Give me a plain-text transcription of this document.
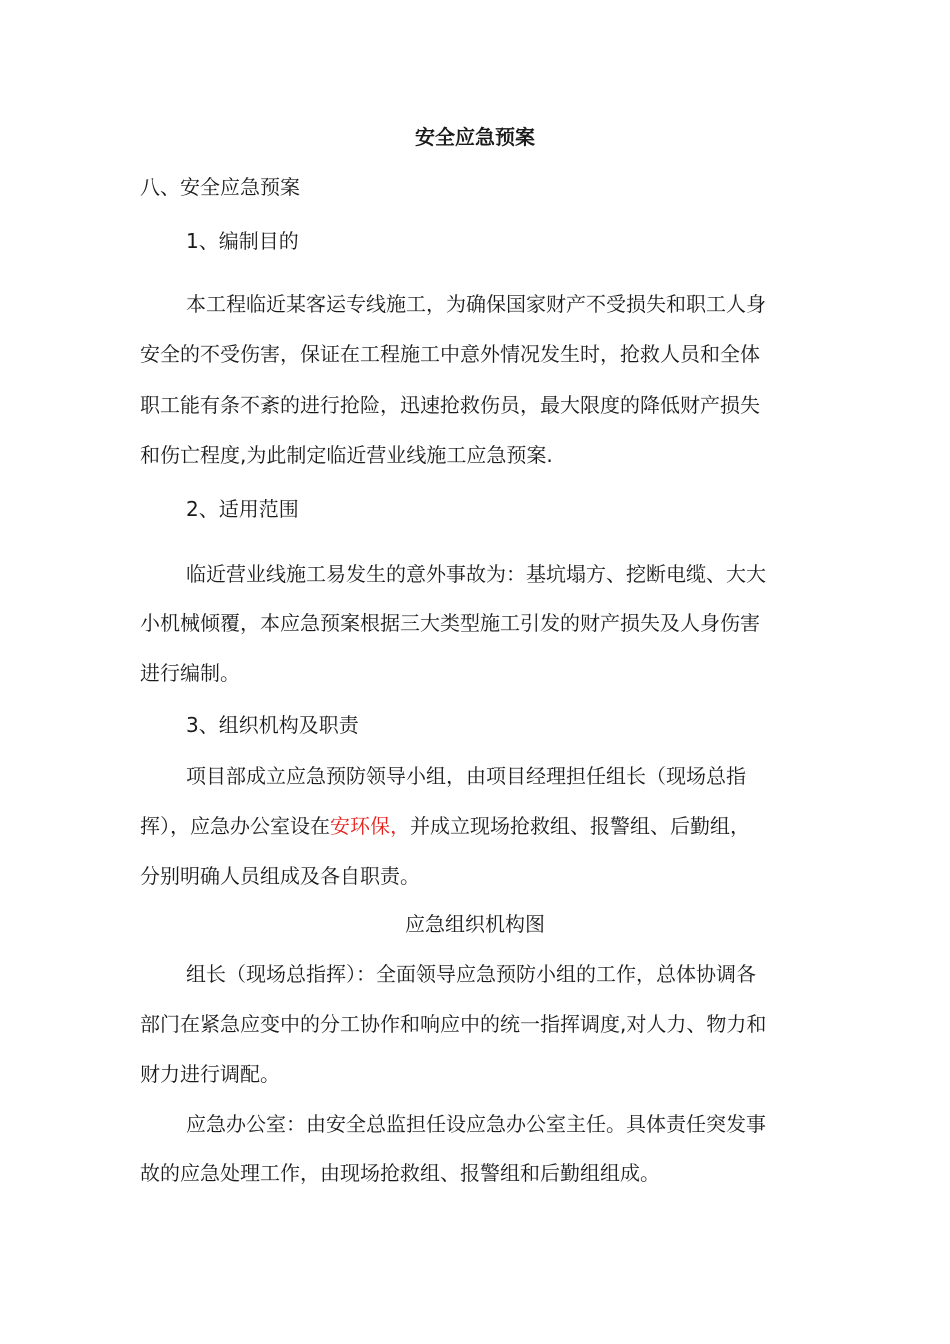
安全应急预案
八、安全应急预案
1、编制目的
本工程临近某客运专线施工，为确保国家财产不受损失和职工人身
安全的不受伤害，保证在工程施工中意外情况发生时，抢救人员和全体
职工能有条不紊的进行抢险，迅速抢救伤员，最大限度的降低财产损失
和伤亡程度,为此制定临近营业线施工应急预案.
2、适用范围
临近营业线施工易发生的意外事故为：基坑塌方、挖断电缆、大大
小机械倾覆，本应急预案根据三大类型施工引发的财产损失及人身伤害
进行编制。
3、组织机构及职责
项目部成立应急预防领导小组，由项目经理担任组长（现场总指
挥），应急办公室设在安环保，并成立现场抢救组、报警组、后勤组，
分别明确人员组成及各自职责。
应急组织机构图
组长（现场总指挥）：全面领导应急预防小组的工作，总体协调各
部门在紧急应变中的分工协作和响应中的统一指挥调度,对人力、物力和
财力进行调配。
应急办公室：由安全总监担任设应急办公室主任。具体责任突发事
故的应急处理工作，由现场抢救组、报警组和后勤组组成。
